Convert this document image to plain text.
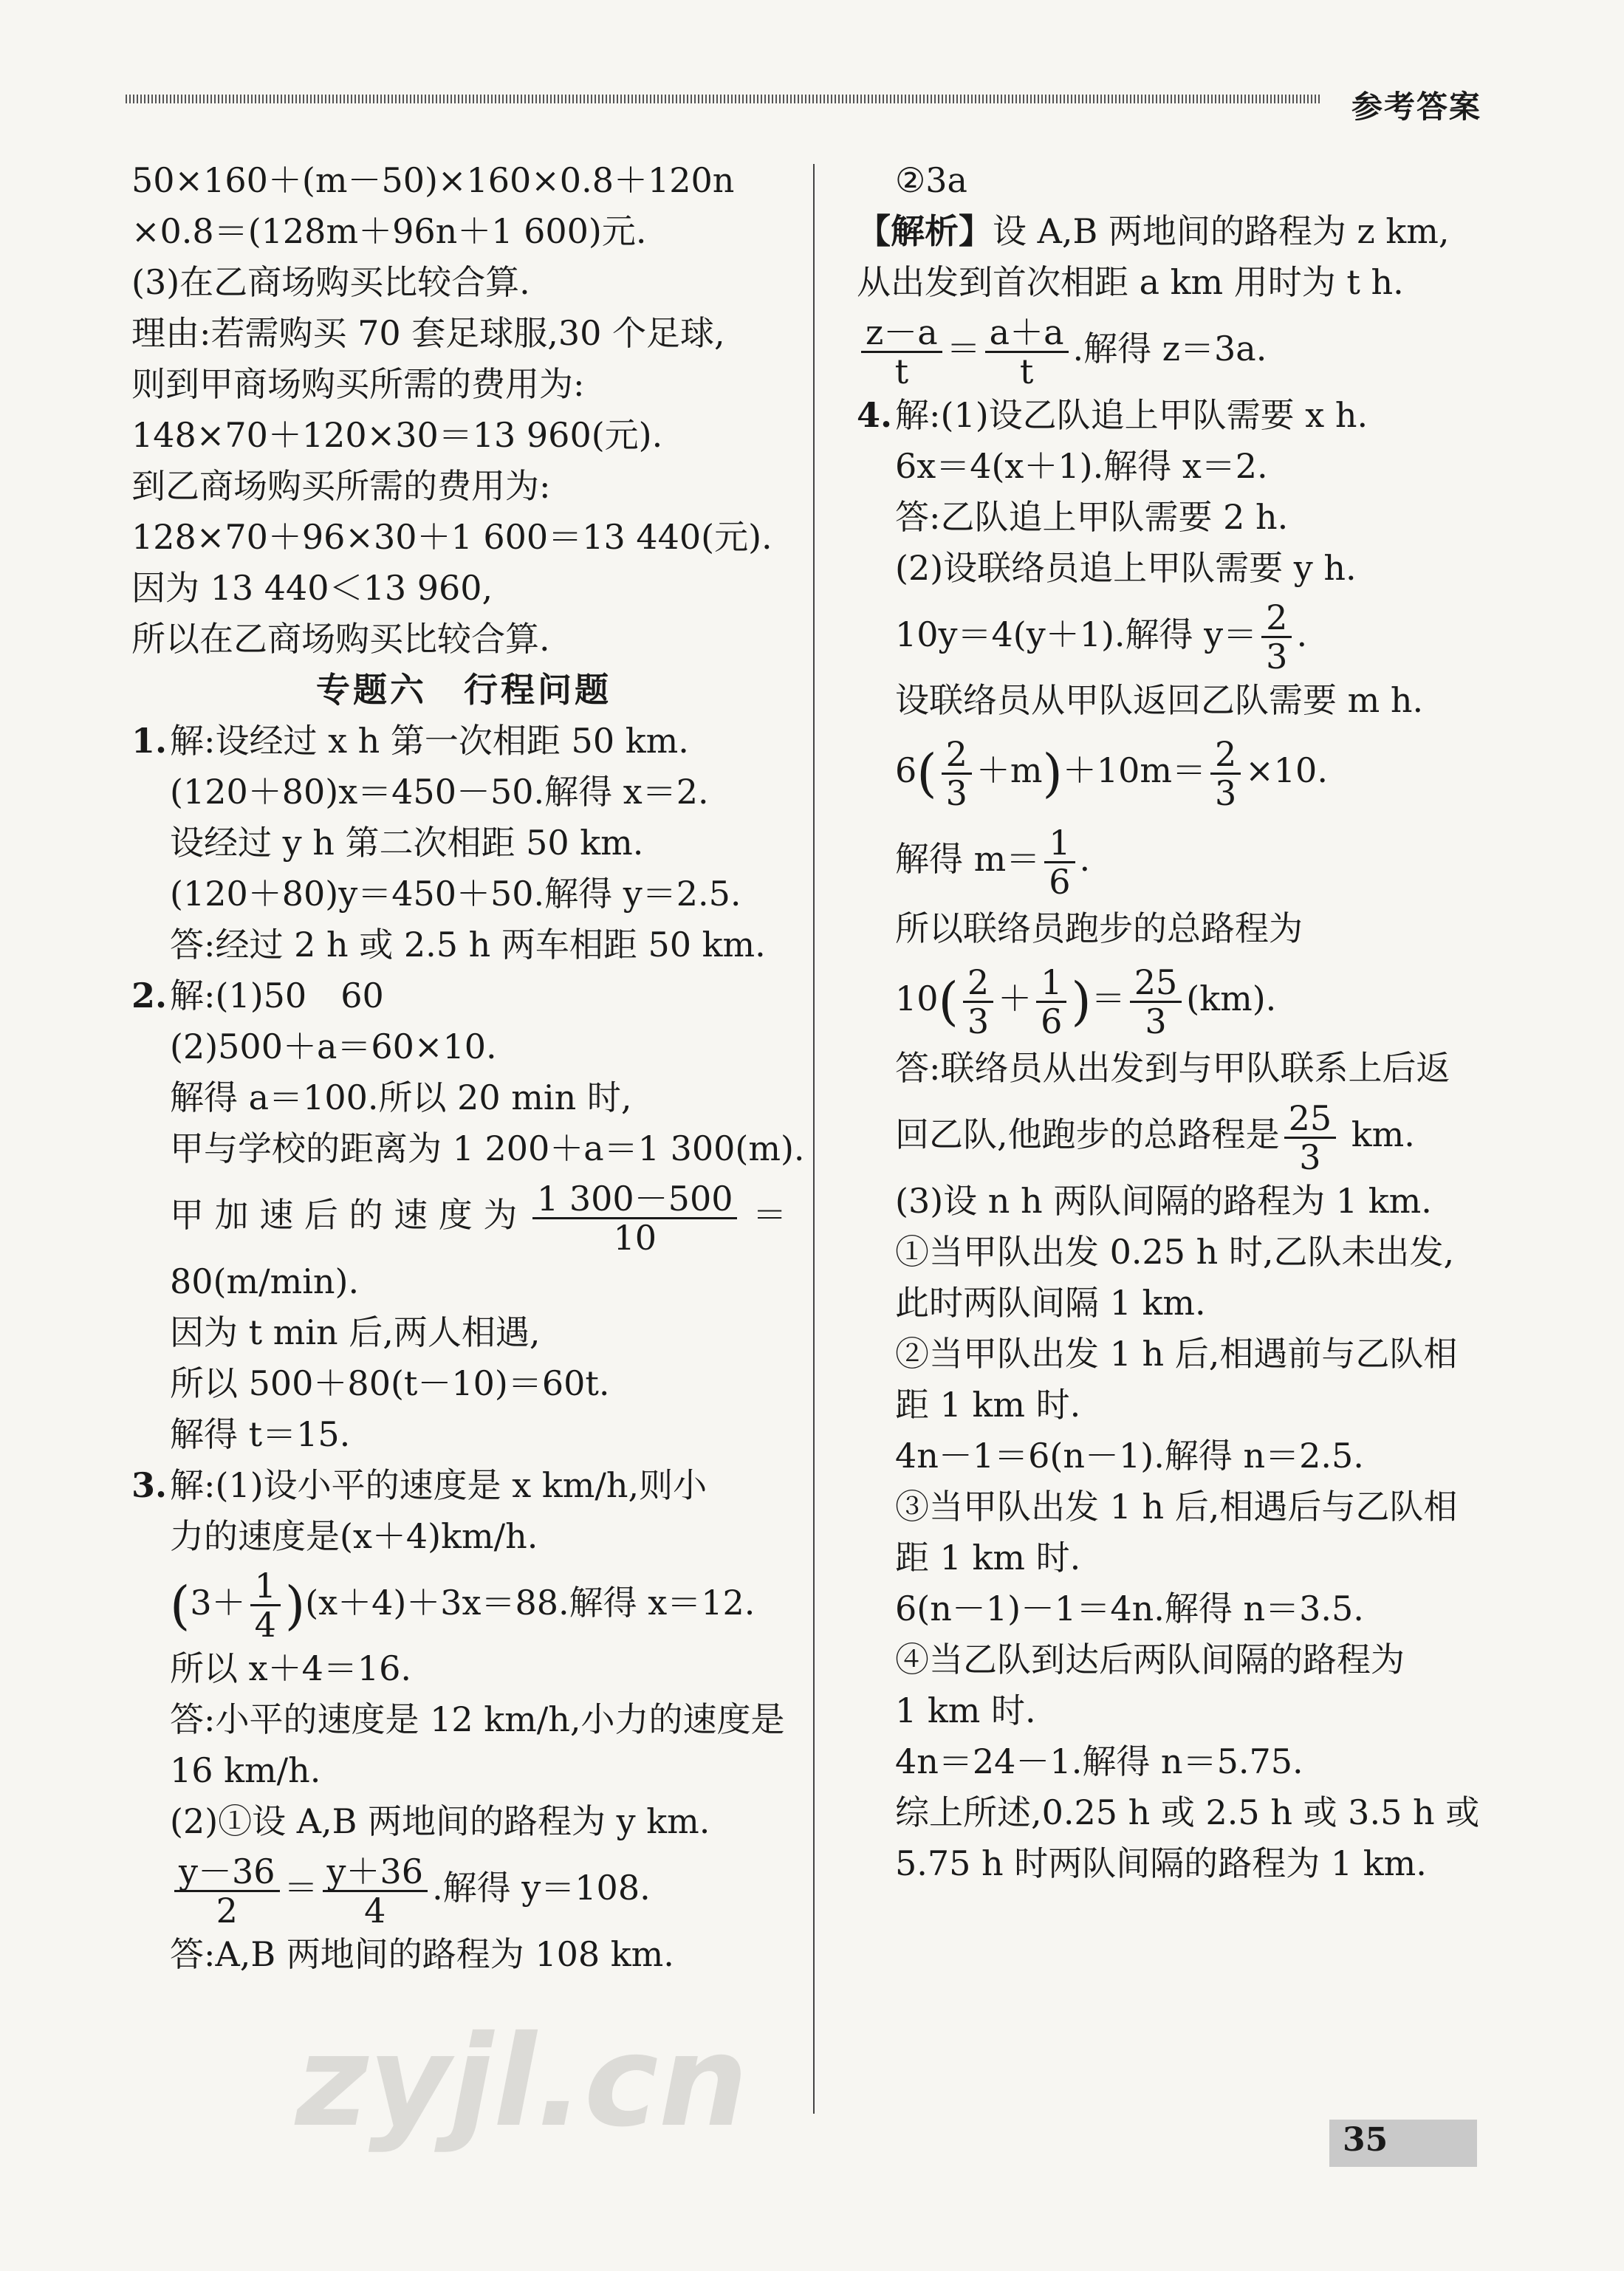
参考答案
50×160＋(m－50)×160×0.8＋120n
×0.8＝(128m＋96n＋1 600)元.
(3)在乙商场购买比较合算.
理由:若需购买 70 套足球服,30 个足球,
则到甲商场购买所需的费用为:
148×70＋120×30＝13 960(元).
到乙商场购买所需的费用为:
128×70＋96×30＋1 600＝13 440(元).
因为 13 440＜13 960,
所以在乙商场购买比较合算.
专题六　行程问题
1.解:设经过 x h 第一次相距 50 km.
(120＋80)x＝450－50.解得 x＝2.
设经过 y h 第二次相距 50 km.
(120＋80)y＝450＋50.解得 y＝2.5.
答:经过 2 h 或 2.5 h 两车相距 50 km.
2.解:(1)50　60
(2)500＋a＝60×10.
解得 a＝100.所以 20 min 时,
甲与学校的距离为 1 200＋a＝1 300(m).
甲 加 速 后 的 速 度 为 $\frac{1 300-500}{10}$ ＝
80(m/min).
因为 t min 后,两人相遇,
所以 500＋80(t－10)＝60t.
解得 t＝15.
3.解:(1)设小平的速度是 x km/h,则小
力的速度是(x＋4)km/h.
$(3+ \frac{1}{4} )(x+4)+3x=88$.解得 x＝12.
所以 x＋4＝16.
答:小平的速度是 12 km/h,小力的速度是
16 km/h.
(2)①设 A,B 两地间的路程为 y km.
$\frac{y-36}{2} = \frac{y+36}{4}$ .解得 y＝108.
答:A,B 两地间的路程为 108 km.
②3a
【解析】设 A,B 两地间的路程为 z km,
从出发到首次相距 a km 用时为 t h.
$\frac{z-a}{t} = \frac{a+a}{t}$ .解得 z＝3a.
4.解:(1)设乙队追上甲队需要 x h.
6x＝4(x＋1).解得 x＝2.
答:乙队追上甲队需要 2 h.
(2)设联络员追上甲队需要 y h.
10y＝4(y＋1).解得 $y= \frac{2}{3}$ .
设联络员从甲队返回乙队需要 m h.
$6( \frac{2}{3} +m)+10m= \frac{2}{3} \times 10$.
解得 $m= \frac{1}{6}$ .
所以联络员跑步的总路程为
$10( \frac{2}{3} + \frac{1}{6}$ )＝ $\frac{25}{3} (km)$.
答:联络员从出发到与甲队联系上后返
回乙队,他跑步的总路程是 $\frac{25}{3}$ km.
(3)设 n h 两队间隔的路程为 1 km.
①当甲队出发 0.25 h 时,乙队未出发,
此时两队间隔 1 km.
②当甲队出发 1 h 后,相遇前与乙队相
距 1 km 时.
4n－1＝6(n－1).解得 n＝2.5.
③当甲队出发 1 h 后,相遇后与乙队相
距 1 km 时.
6(n－1)－1＝4n.解得 n＝3.5.
④当乙队到达后两队间隔的路程为
1 km 时.
4n＝24－1.解得 n＝5.75.
综上所述,0.25 h 或 2.5 h 或 3.5 h 或
5.75 h 时两队间隔的路程为 1 km.
zyjl.cn	35
